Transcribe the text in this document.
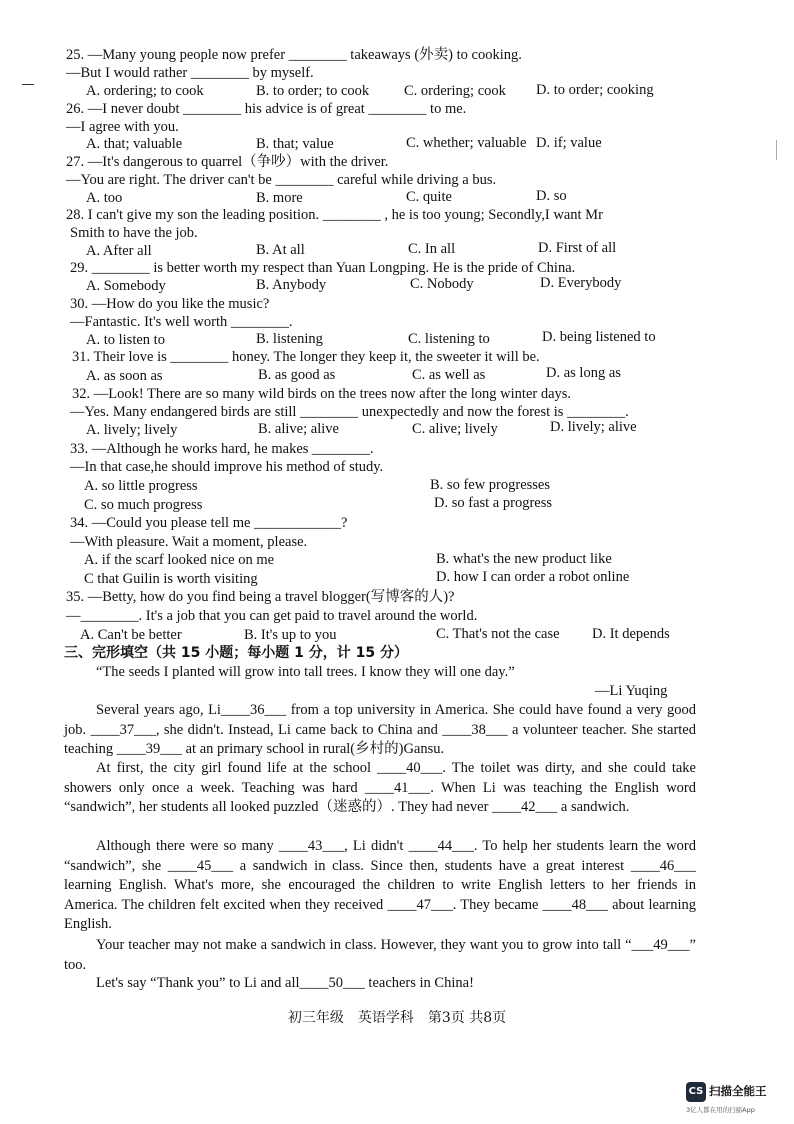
25. —Many young people now prefer ________ takeaways (外卖) to cooking.
—But I would rather ________ by myself.
A. ordering; to cook	B. to order; to cook C. ordering; cook D. to order; cooking
26. —I never doubt ________ his advice is of great ________ to me.
—I agree with you.
A. that; valuable	B. that; value	C. whether; valuable D. if; value
27. —It's dangerous to quarrel（争吵）with the driver.
—You are right. The driver can't be ________ careful while driving a bus.
A. too	B. more	C. quite	D. so
28. I can't give my son the leading position. ________ , he is too young; Secondly,I want Mr
Smith to have the job.
A. After all	B. At all	C. In all	D. First of all
29. ________ is better worth my respect than Yuan Longping. He is the pride of China.
A. Somebody	B. Anybody	C. Nobody	D. Everybody
30. —How do you like the music?
—Fantastic. It's well worth ________.
A. to listen to	B. listening	C. listening to	D. being listened to
31. Their love is ________ honey. The longer they keep it, the sweeter it will be.
A. as soon as	B. as good as	C. as well as	D. as long as
32. —Look! There are so many wild birds on the trees now after the long winter days.
—Yes. Many endangered birds are still ________ unexpectedly and now the forest is ________.
A. lively; lively	B. alive; alive	C. alive; lively	D. lively; alive
33. —Although he works hard, he makes ________.
—In that case,he should improve his method of study.
A. so little progress	B. so few progresses
C. so much progress	D. so fast a progress
34. —Could you please tell me ____________?
—With pleasure. Wait a moment, please.
A. if the scarf looked nice on me	B. what's the new product like
C that Guilin is worth visiting	D. how I can order a robot online
35. —Betty, how do you find being a travel blogger(写博客的人)?
—________. It's a job that you can get paid to travel around the world.
A. Can't be better	B. It's up to you	C. That's not the case D. It depends
三、完形填空（共 15 小题；每小题 1 分，计 15 分）
“The seeds I planted will grow into tall trees. I know they will one day.”
—Li Yuqing
Several years ago, Li____36___ from a top university in America. She could have found a very good job. ____37___, she didn't. Instead, Li came back to China and ____38___ a volunteer teacher. She started teaching ____39___ at an primary school in rural(乡村的)Gansu.
At first, the city girl found life at the school ____40___. The toilet was dirty, and she could take showers only once a week. Teaching was hard ____41___. When Li was teaching the English word “sandwich”, her students all looked puzzled（迷惑的）. They had never ____42___ a sandwich.
Although there were so many ____43___, Li didn't ____44___. To help her students learn the word “sandwich”, she ____45___ a sandwich in class. Since then, students have a great interest ____46___ learning English. What's more, she encouraged the children to write English letters to her friends in America. The children felt excited when they received ____47___. They became ____48___ about learning English.
Your teacher may not make a sandwich in class. However, they want you to grow into tall “___49___” too.
Let's say “Thank you” to Li and all____50___ teachers in China!
初三年级　英语学科　第3页 共8页
CS 扫描全能王
3亿人都在用的扫描App
